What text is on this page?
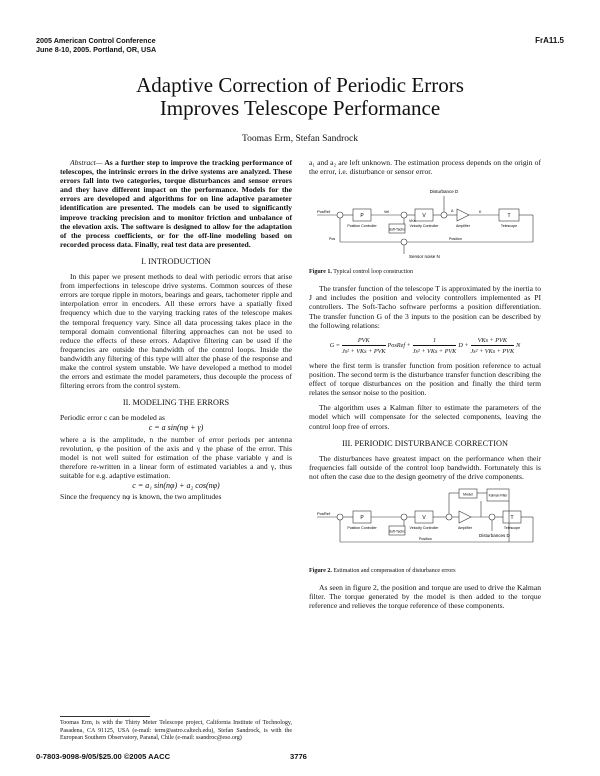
2005 American Control Conference
June 8-10, 2005. Portland, OR, USA
FrA11.5
Adaptive Correction of Periodic Errors
Improves Telescope Performance
Toomas Erm, Stefan Sandrock

Abstract— As a further step to improve the tracking performance of telescopes, the intrinsic errors in the drive systems are analyzed. These errors fall into two categories, torque disturbances and sensor errors and they have different impact on the performance. Models for the errors are developed and algorithms for on line adaptive parameter identification are presented. The models can be used to significantly improve tracking precision and to monitor friction and unbalance of the elevation axis. The software is designed to allow for the adaptation of the process coefficients, or for the off-line modeling based on recorded process data. Finally, real test data are presented.

I. INTRODUCTION

In this paper we present methods to deal with periodic errors that arise from imperfections in telescope drive systems. Common sources of these errors are torque ripple in motors, bearings and gears, tachometer ripple and interpolation error in encoders. All these errors have a spatially fixed frequency which due to the varying tracking rates of the telescope makes the temporal frequency vary. Since all data processing takes place in the temporal domain conventional filtering approaches can not be used to reduce the effects of these errors. Adaptive filtering can be used if the frequencies are outside the bandwidth of the control loops. Inside the bandwidth any filtering of this type will alter the phase of the response and make the control system unstable. We have developed a method to model the errors and estimate the model parameters, thus decouple the process of filtering errors from the control system.

II. MODELING THE ERRORS

Periodic error c can be modeled as

c = a sin(nφ + γ)

where a is the amplitude, n the number of error periods per antenna revolution, φ the position of the axis and γ the phase of the error. This model is not well suited for estimation of the phase variable γ and is therefore re-written in a linear form of estimated variables a and γ, thus suitable for e.g. adaptive estimation.

c = a₁ sin(nφ) + a₂ cos(nφ)

Since the frequency nφ is known, the two amplitudes

Toomas Erm, is with the Thirty Meter Telescope project, California Institute of Technology, Pasadena, CA 91125, USA (e-mail: term@astro.caltech.edu), Stefan Sandrock, is with the European Southern Observatory, Paranal, Chile (e-mail: ssandroc@eso.org)
0-7803-9098-9/05/$25.00 ©2005 AACC	3776

a₁ and a₂ are left unknown. The estimation process depends on the origin of the error, i.e. disturbance or sensor error.

Disturbance D
PosRef
P
Position Controller
Vel
V
Velocity Controller
A
Amplifier
K
T
Telescope
Soft-Tacho
VKs
Position
Pos
Sensor noise N
Figure 1. Typical control loop construction

The transfer function of the telescope T is approximated by the inertia to J and includes the position and velocity controllers implemented as PI controllers. The Soft-Tacho software performs a position differentiation. The transfer function G of the 3 inputs to the position can be described by the following relations:

G =
PVK
Js² + VKs + PVK
PosRef +
1
Js² + VKs + PVK
D +
VKs + PVK
Js² + VKs + PVK
N

where the first term is transfer function from position reference to actual position. The second term is the disturbance transfer function describing the effect of torque disturbances on the position and finally the third term relates the sensor noise to the position.

The algorithm uses a Kalman filter to estimate the parameters of the model which will compensate for the selected components, leaving the control loop free of errors.

III. PERIODIC DISTURBANCE CORRECTION

The disturbances have greatest impact on the performance when their frequencies fall outside of the control loop bandwidth. Fortunately this is not often the case due to the design geometry of the drive components.

Model	Kalman Filter
PosRef
P
Position Controller
V
Velocity Controller	Amplifier
T
Telescope
Soft-Tacho
Position
Disturbances D
Figure 2. Estimation and compensation of disturbance errors

As seen in figure 2, the position and torque are used to drive the Kalman filter. The torque generated by the model is then added to the torque reference and relieves the torque reference of these components.
